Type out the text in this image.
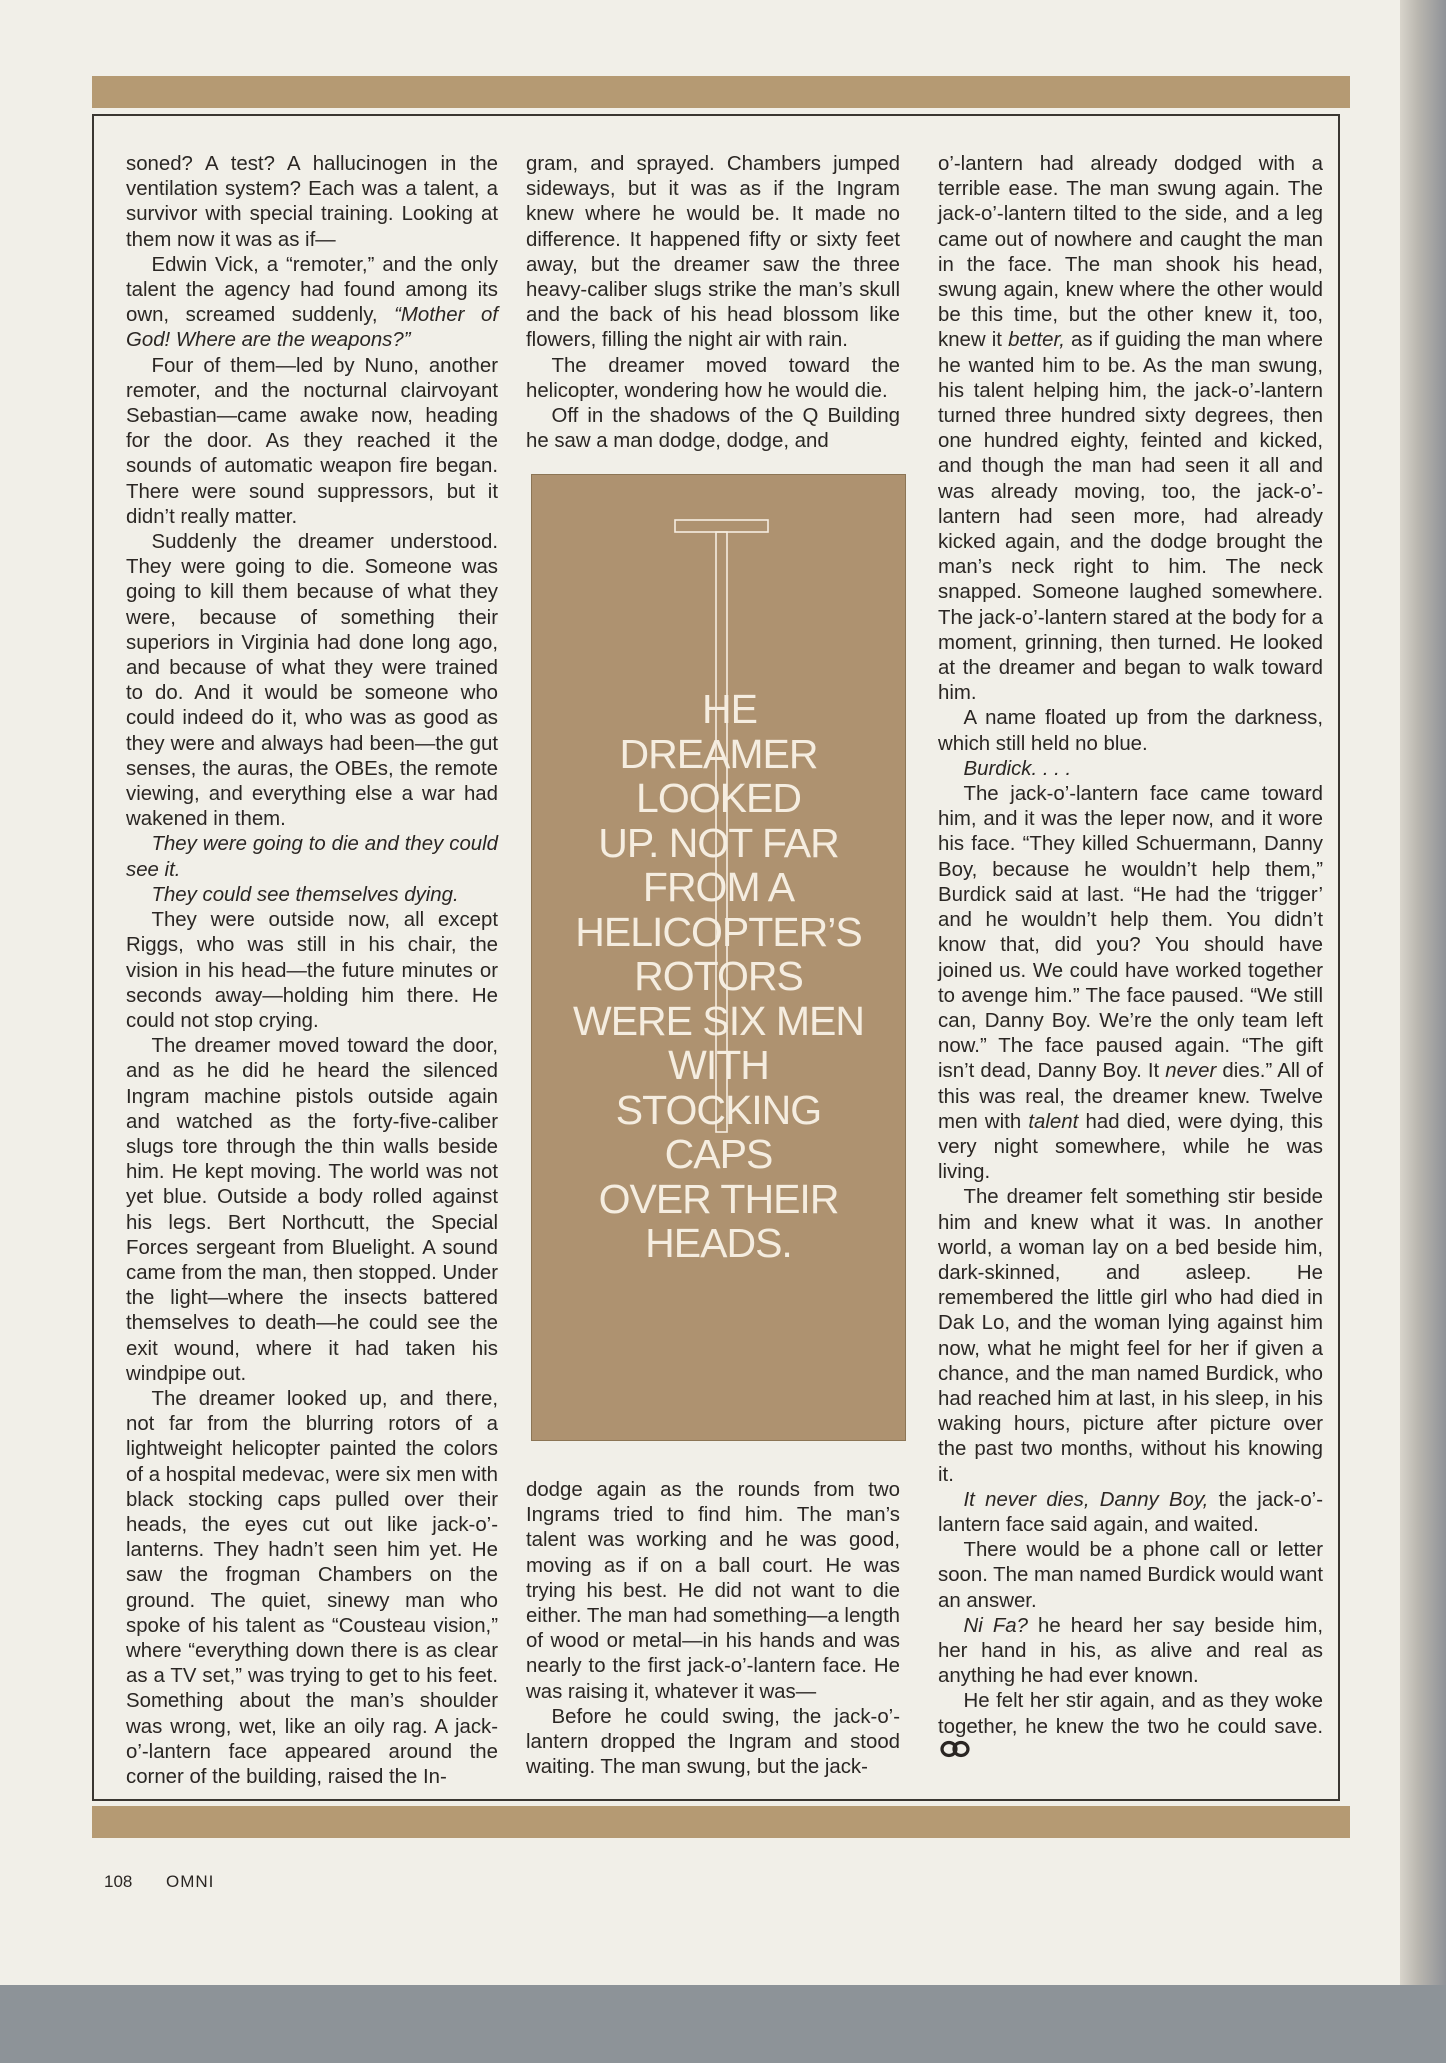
soned? A test? A hallucinogen in the ventilation system? Each was a talent, a survivor with special training. Looking at them now it was as if—

Edwin Vick, a “remoter,” and the only talent the agency had found among its own, screamed suddenly, “Mother of God! Where are the weapons?”

Four of them—led by Nuno, another remoter, and the nocturnal clairvoyant Sebastian—came awake now, heading for the door. As they reached it the sounds of automatic weapon fire began. There were sound suppressors, but it didn’t really matter.

Suddenly the dreamer understood. They were going to die. Someone was going to kill them because of what they were, because of something their superiors in Virginia had done long ago, and because of what they were trained to do. And it would be someone who could indeed do it, who was as good as they were and always had been—the gut senses, the auras, the OBEs, the remote viewing, and everything else a war had wakened in them.

They were going to die and they could see it.

They could see themselves dying.

They were outside now, all except Riggs, who was still in his chair, the vision in his head—the future minutes or seconds away—holding him there. He could not stop crying.

The dreamer moved toward the door, and as he did he heard the silenced Ingram machine pistols outside again and watched as the forty-five-caliber slugs tore through the thin walls beside him. He kept moving. The world was not yet blue. Outside a body rolled against his legs. Bert Northcutt, the Special Forces sergeant from Bluelight. A sound came from the man, then stopped. Under the light—where the insects battered themselves to death—he could see the exit wound, where it had taken his windpipe out.

The dreamer looked up, and there, not far from the blurring rotors of a lightweight helicopter painted the colors of a hospital medevac, were six men with black stocking caps pulled over their heads, the eyes cut out like jack-o’-lanterns. They hadn’t seen him yet. He saw the frogman Chambers on the ground. The quiet, sinewy man who spoke of his talent as “Cousteau vision,” where “everything down there is as clear as a TV set,” was trying to get to his feet. Something about the man’s shoulder was wrong, wet, like an oily rag. A jack-o’-lantern face appeared around the corner of the building, raised the In-

gram, and sprayed. Chambers jumped sideways, but it was as if the Ingram knew where he would be. It made no difference. It happened fifty or sixty feet away, but the dreamer saw the three heavy-caliber slugs strike the man’s skull and the back of his head blossom like flowers, filling the night air with rain.

The dreamer moved toward the helicopter, wondering how he would die.

Off in the shadows of the Q Building he saw a man dodge, dodge, and

HE
DREAMER
LOOKED
UP. NOT FAR
FROM A
HELICOPTER’S
ROTORS
WERE SIX MEN
WITH
STOCKING
CAPS
OVER THEIR
HEADS.

dodge again as the rounds from two Ingrams tried to find him. The man’s talent was working and he was good, moving as if on a ball court. He was trying his best. He did not want to die either. The man had something—a length of wood or metal—in his hands and was nearly to the first jack-o’-lantern face. He was raising it, whatever it was—

Before he could swing, the jack-o’-lantern dropped the Ingram and stood waiting. The man swung, but the jack-

o’-lantern had already dodged with a terrible ease. The man swung again. The jack-o’-lantern tilted to the side, and a leg came out of nowhere and caught the man in the face. The man shook his head, swung again, knew where the other would be this time, but the other knew it, too, knew it better, as if guiding the man where he wanted him to be. As the man swung, his talent helping him, the jack-o’-lantern turned three hundred sixty degrees, then one hundred eighty, feinted and kicked, and though the man had seen it all and was already moving, too, the jack-o’-lantern had seen more, had already kicked again, and the dodge brought the man’s neck right to him. The neck snapped. Someone laughed somewhere. The jack-o’-lantern stared at the body for a moment, grinning, then turned. He looked at the dreamer and began to walk toward him.

A name floated up from the darkness, which still held no blue.

Burdick. . . .

The jack-o’-lantern face came toward him, and it was the leper now, and it wore his face. “They killed Schuermann, Danny Boy, because he wouldn’t help them,” Burdick said at last. “He had the ‘trigger’ and he wouldn’t help them. You didn’t know that, did you? You should have joined us. We could have worked together to avenge him.” The face paused. “We still can, Danny Boy. We’re the only team left now.” The face paused again. “The gift isn’t dead, Danny Boy. It never dies.” All of this was real, the dreamer knew. Twelve men with talent had died, were dying, this very night somewhere, while he was living.

The dreamer felt something stir beside him and knew what it was. In another world, a woman lay on a bed beside him, dark-skinned, and asleep. He remembered the little girl who had died in Dak Lo, and the woman lying against him now, what he might feel for her if given a chance, and the man named Burdick, who had reached him at last, in his sleep, in his waking hours, picture after picture over the past two months, without his knowing it.

It never dies, Danny Boy, the jack-o’-lantern face said again, and waited.

There would be a phone call or letter soon. The man named Burdick would want an answer.

Ni Fa? he heard her say beside him, her hand in his, as alive and real as anything he had ever known.

He felt her stir again, and as they woke together, he knew the two he could save.

108 OMNI
